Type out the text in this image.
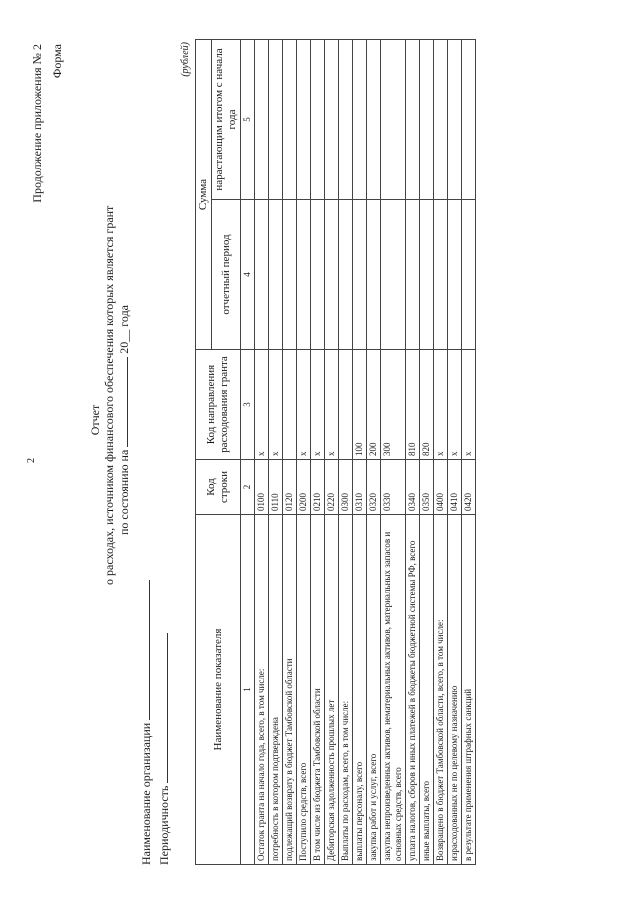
2
Продолжение приложения № 2 Форма
Отчет о расходах, источником финансового обеспечения которых является грант по состоянию на  20__ года
Наименование организации Периодичность
(рублей)
Наименование показателя	Код строки	Код направления расходования гранта	Сумма	
			отчетный период	нарастающим итогом с начала года
1	2	3	4	5
Остаток гранта на начало года, всего, в том числе:	0100	х		
потребность в котором подтверждена	0110	х		
подлежащий возврату в бюджет Тамбовской области	0120			
Поступило средств, всего	0200	х		
В том числе из бюджета Тамбовской области	0210	х		
Дебиторская задолженность прошлых лет	0220	х		
Выплаты по расходам, всего, в том числе:	0300			
выплаты персоналу, всего	0310	100		
закупка работ и услуг, всего	0320	200		
закупка непроизведенных активов, нематериальных активов, материальных запасов и основных средств, всего	0330	300		
уплата налогов, сборов и иных платежей в бюджеты бюджетной системы РФ, всего	0340	810		
иные выплаты, всего	0350	820		
Возвращено в бюджет Тамбовской области, всего, в том числе:	0400	х		
израсходованных не по целевому назначению	0410	х		
в результате применения штрафных санкций	0420	х		
